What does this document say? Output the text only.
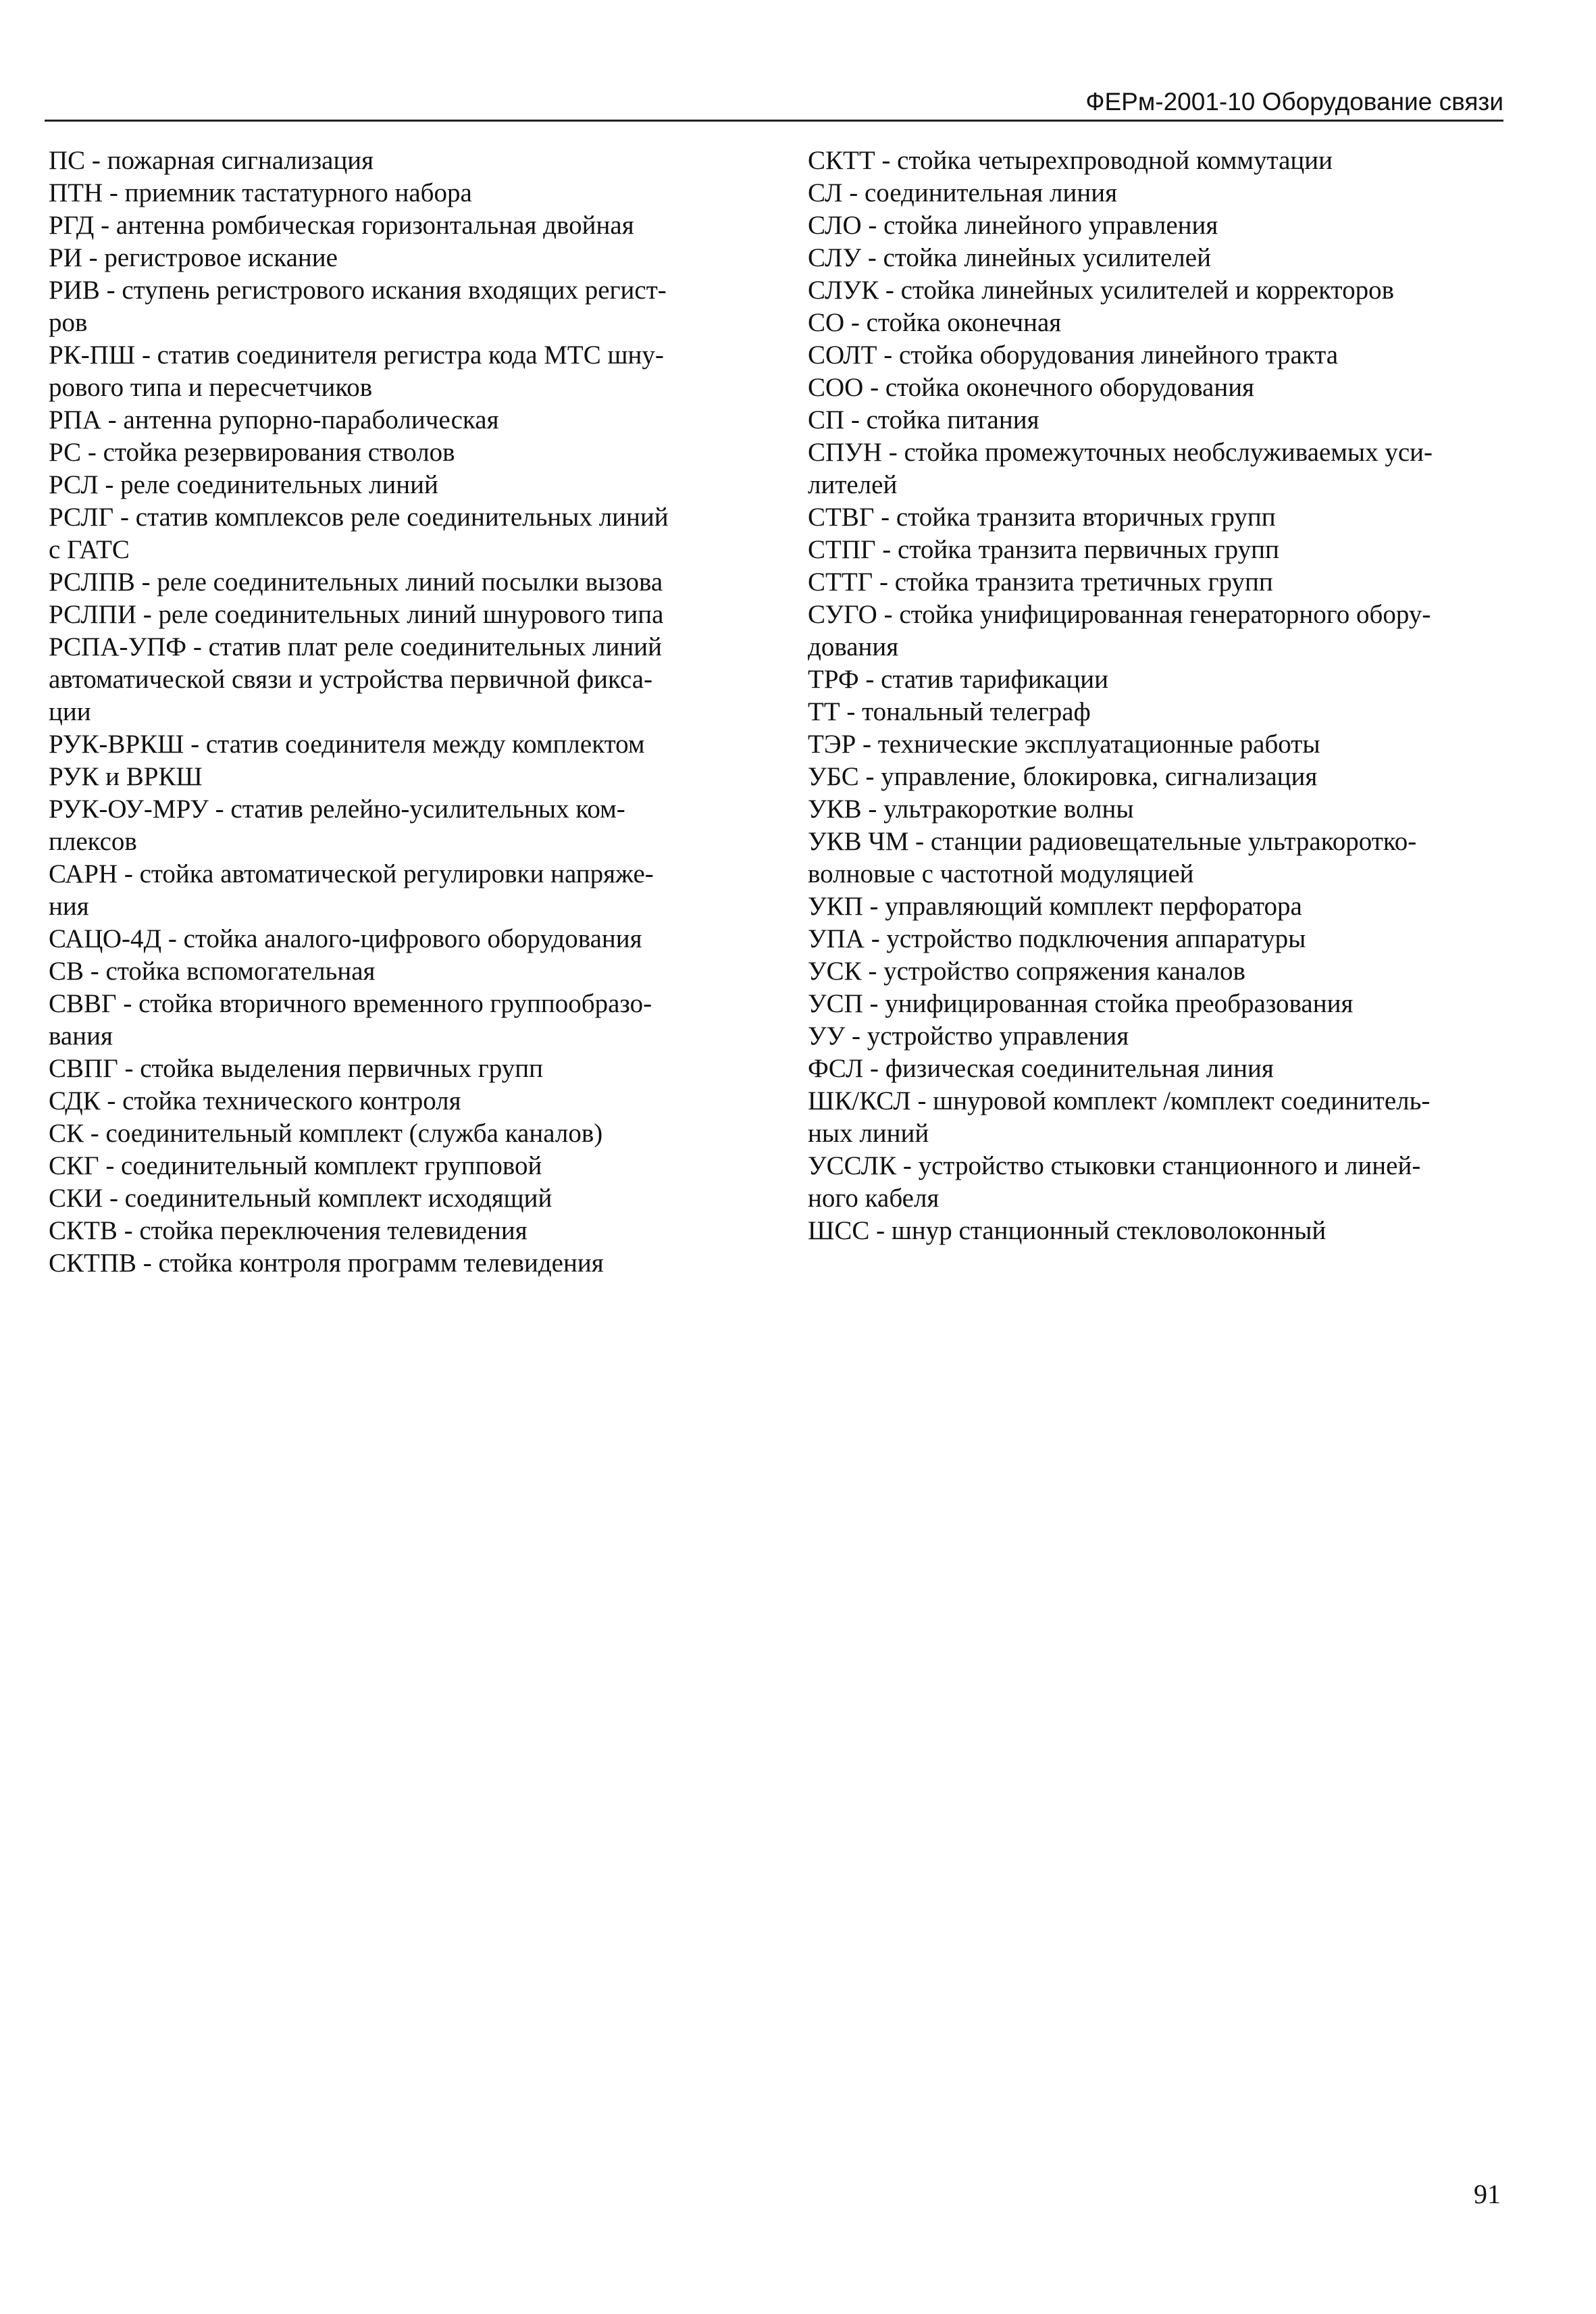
ФЕРм-2001-10 Оборудование связи
ПС - пожарная сигнализация
ПТН - приемник тастатурного набора
РГД - антенна ромбическая горизонтальная двойная
РИ - регистровое искание
РИВ - ступень регистрового искания входящих регист-
ров
РК-ПШ - статив соединителя регистра кода МТС шну-
рового типа и пересчетчиков
РПА - антенна рупорно-параболическая
РС - стойка резервирования стволов
РСЛ - реле соединительных линий
РСЛГ - статив комплексов реле соединительных линий
с ГАТС
РСЛПВ - реле соединительных линий посылки вызова
РСЛПИ - реле соединительных линий шнурового типа
РСПА-УПФ - статив плат реле соединительных линий
автоматической связи и устройства первичной фикса-
ции
РУК-ВРКШ - статив соединителя между комплектом
РУК и ВРКШ
РУК-ОУ-МРУ - статив релейно-усилительных ком-
плексов
САРН - стойка автоматической регулировки напряже-
ния
САЦО-4Д - стойка аналого-цифрового оборудования
СВ - стойка вспомогательная
СВВГ - стойка вторичного временного группообразо-
вания
СВПГ - стойка выделения первичных групп
СДК - стойка технического контроля
СК - соединительный комплект (служба каналов)
СКГ - соединительный комплект групповой
СКИ - соединительный комплект исходящий
СКТВ - стойка переключения телевидения
СКТПВ - стойка контроля программ телевидения
СКТТ - стойка четырехпроводной коммутации
СЛ - соединительная линия
СЛО - стойка линейного управления
СЛУ - стойка линейных усилителей
СЛУК - стойка линейных усилителей и корректоров
СО - стойка оконечная
СОЛТ - стойка оборудования линейного тракта
СОО - стойка оконечного оборудования
СП - стойка питания
СПУН - стойка промежуточных необслуживаемых уси-
лителей
СТВГ - стойка транзита вторичных групп
СТПГ - стойка транзита первичных групп
СТТГ - стойка транзита третичных групп
СУГО - стойка унифицированная генераторного обору-
дования
ТРФ - статив тарификации
ТТ - тональный телеграф
ТЭР - технические эксплуатационные работы
УБС - управление, блокировка, сигнализация
УКВ - ультракороткие волны
УКВ ЧМ - станции радиовещательные ультракоротко-
волновые с частотной модуляцией
УКП - управляющий комплект перфоратора
УПА - устройство подключения аппаратуры
УСК - устройство сопряжения каналов
УСП - унифицированная стойка преобразования
УУ - устройство управления
ФСЛ - физическая соединительная линия
ШК/КСЛ - шнуровой комплект /комплект соединитель-
ных линий
УССЛК - устройство стыковки станционного и линей-
ного кабеля
ШСС - шнур станционный стекловолоконный
91
